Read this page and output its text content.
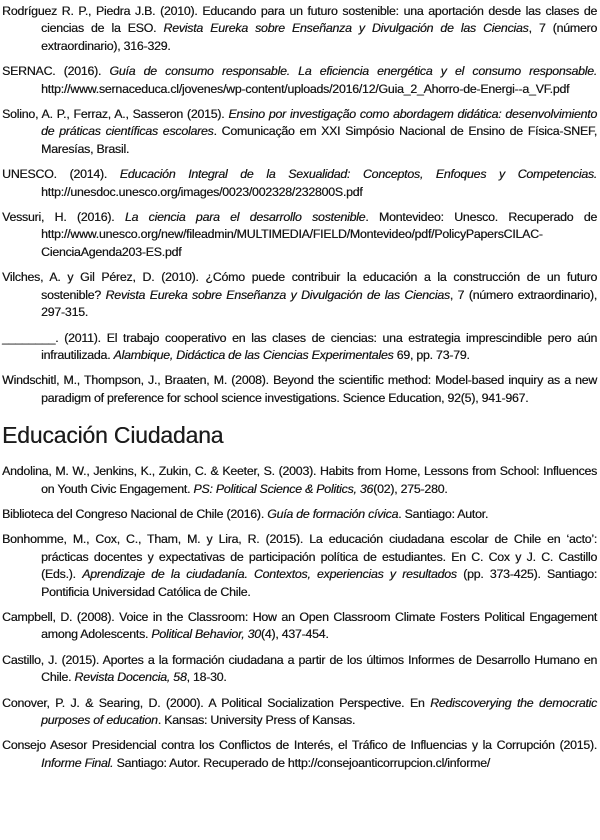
Rodríguez R. P., Piedra J.B. (2010). Educando para un futuro sostenible: una aportación desde las clases de ciencias de la ESO. Revista Eureka sobre Enseñanza y Divulgación de las Ciencias, 7 (número extraordinario), 316-329.

SERNAC. (2016). Guía de consumo responsable. La eficiencia energética y el consumo responsable. http://www.sernaceduca.cl/jovenes/wp-content/uploads/2016/12/Guia_2_Ahorro-de-Energi--a_VF.pdf

Solino, A. P., Ferraz, A., Sasseron (2015). Ensino por investigação como abordagem didática: desenvolvimiento de práticas científicas escolares. Comunicação em XXI Simpósio Nacional de Ensino de Física-SNEF, Maresías, Brasil.

UNESCO. (2014). Educación Integral de la Sexualidad: Conceptos, Enfoques y Competencias. http://unesdoc.unesco.org/images/0023/002328/232800S.pdf

Vessuri, H. (2016). La ciencia para el desarrollo sostenible. Montevideo: Unesco. Recuperado de http://www.unesco.org/new/fileadmin/MULTIMEDIA/FIELD/Montevideo/pdf/PolicyPapersCILAC-CienciaAgenda203-ES.pdf

Vilches, A. y Gil Pérez, D. (2010). ¿Cómo puede contribuir la educación a la construcción de un futuro sostenible? Revista Eureka sobre Enseñanza y Divulgación de las Ciencias, 7 (número extraordinario), 297-315.

________. (2011). El trabajo cooperativo en las clases de ciencias: una estrategia imprescindible pero aún infrautilizada. Alambique, Didáctica de las Ciencias Experimentales 69, pp. 73-79.

Windschitl, M., Thompson, J., Braaten, M. (2008). Beyond the scientific method: Model-based inquiry as a new paradigm of preference for school science investigations. Science Education, 92(5), 941-967.

Educación Ciudadana

Andolina, M. W., Jenkins, K., Zukin, C. & Keeter, S. (2003). Habits from Home, Lessons from School: Influences on Youth Civic Engagement. PS: Political Science & Politics, 36(02), 275-280.

Biblioteca del Congreso Nacional de Chile (2016). Guía de formación cívica. Santiago: Autor.

Bonhomme, M., Cox, C., Tham, M. y Lira, R. (2015). La educación ciudadana escolar de Chile en ‘acto’: prácticas docentes y expectativas de participación política de estudiantes. En C. Cox y J. C. Castillo (Eds.). Aprendizaje de la ciudadanía. Contextos, experiencias y resultados (pp. 373-425). Santiago: Pontificia Universidad Católica de Chile.

Campbell, D. (2008). Voice in the Classroom: How an Open Classroom Climate Fosters Political Engagement among Adolescents. Political Behavior, 30(4), 437-454.

Castillo, J. (2015). Aportes a la formación ciudadana a partir de los últimos Informes de Desarrollo Humano en Chile. Revista Docencia, 58, 18-30.

Conover, P. J. & Searing, D. (2000). A Political Socialization Perspective. En Rediscoverying the democratic purposes of education. Kansas: University Press of Kansas.

Consejo Asesor Presidencial contra los Conflictos de Interés, el Tráfico de Influencias y la Corrupción (2015). Informe Final. Santiago: Autor. Recuperado de http://consejoanticorrupcion.cl/informe/
